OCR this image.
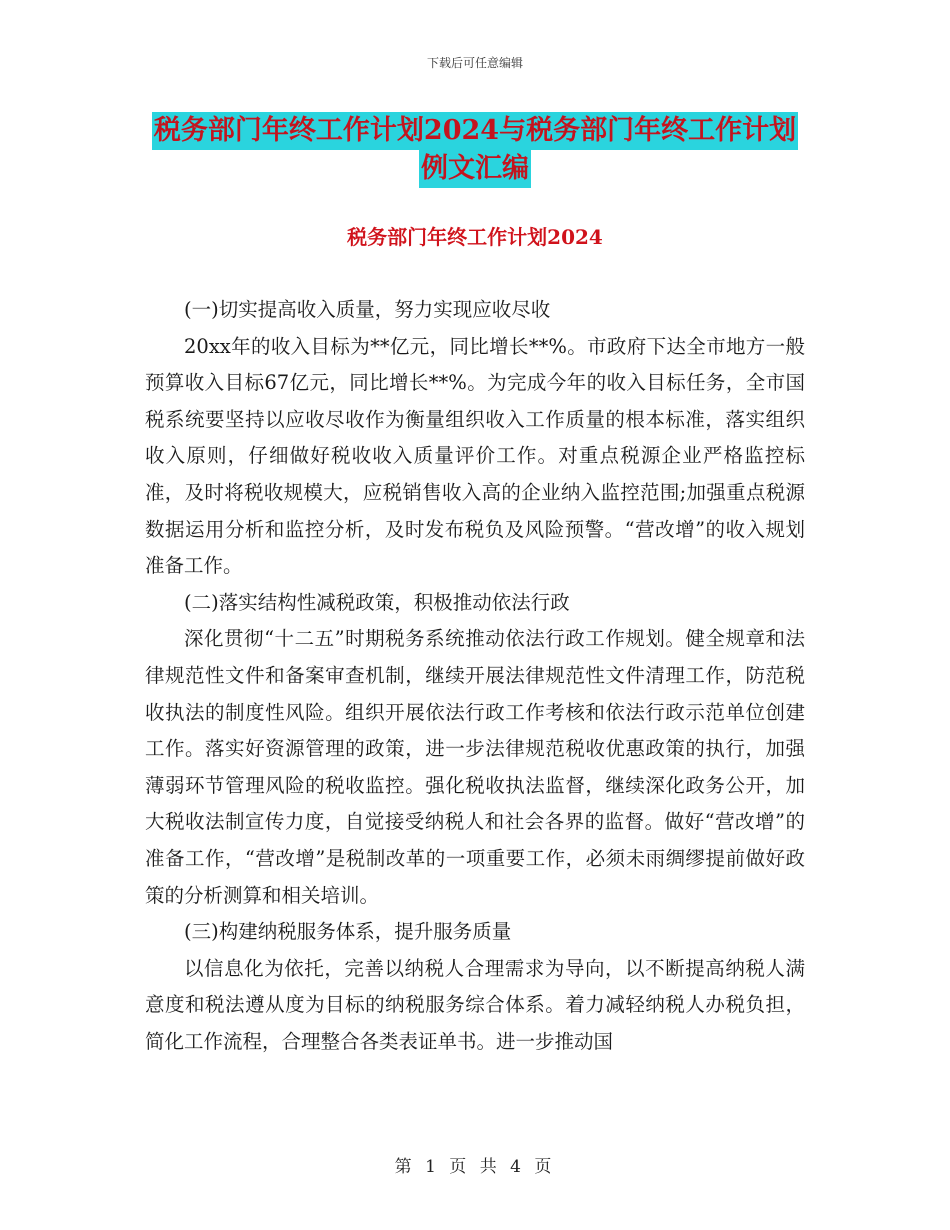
下载后可任意编辑
税务部门年终工作计划2024与税务部门年终工作计划
例文汇编
税务部门年终工作计划2024

(一)切实提高收入质量，努力实现应收尽收

20xx年的收入目标为**亿元，同比增长**%。市政府下达全市地方一般预算收入目标67亿元，同比增长**%。为完成今年的收入目标任务，全市国税系统要坚持以应收尽收作为衡量组织收入工作质量的根本标准，落实组织收入原则，仔细做好税收收入质量评价工作。对重点税源企业严格监控标准，及时将税收规模大，应税销售收入高的企业纳入监控范围;加强重点税源数据运用分析和监控分析，及时发布税负及风险预警。“营改增”的收入规划准备工作。

(二)落实结构性减税政策，积极推动依法行政

深化贯彻“十二五”时期税务系统推动依法行政工作规划。健全规章和法律规范性文件和备案审查机制，继续开展法律规范性文件清理工作，防范税收执法的制度性风险。组织开展依法行政工作考核和依法行政示范单位创建工作。落实好资源管理的政策，进一步法律规范税收优惠政策的执行，加强薄弱环节管理风险的税收监控。强化税收执法监督，继续深化政务公开，加大税收法制宣传力度，自觉接受纳税人和社会各界的监督。做好“营改增”的准备工作，“营改增”是税制改革的一项重要工作，必须未雨绸缪提前做好政策的分析测算和相关培训。

(三)构建纳税服务体系，提升服务质量

以信息化为依托，完善以纳税人合理需求为导向，以不断提高纳税人满意度和税法遵从度为目标的纳税服务综合体系。着力减轻纳税人办税负担，简化工作流程，合理整合各类表证单书。进一步推动国

第 1 页 共 4 页
